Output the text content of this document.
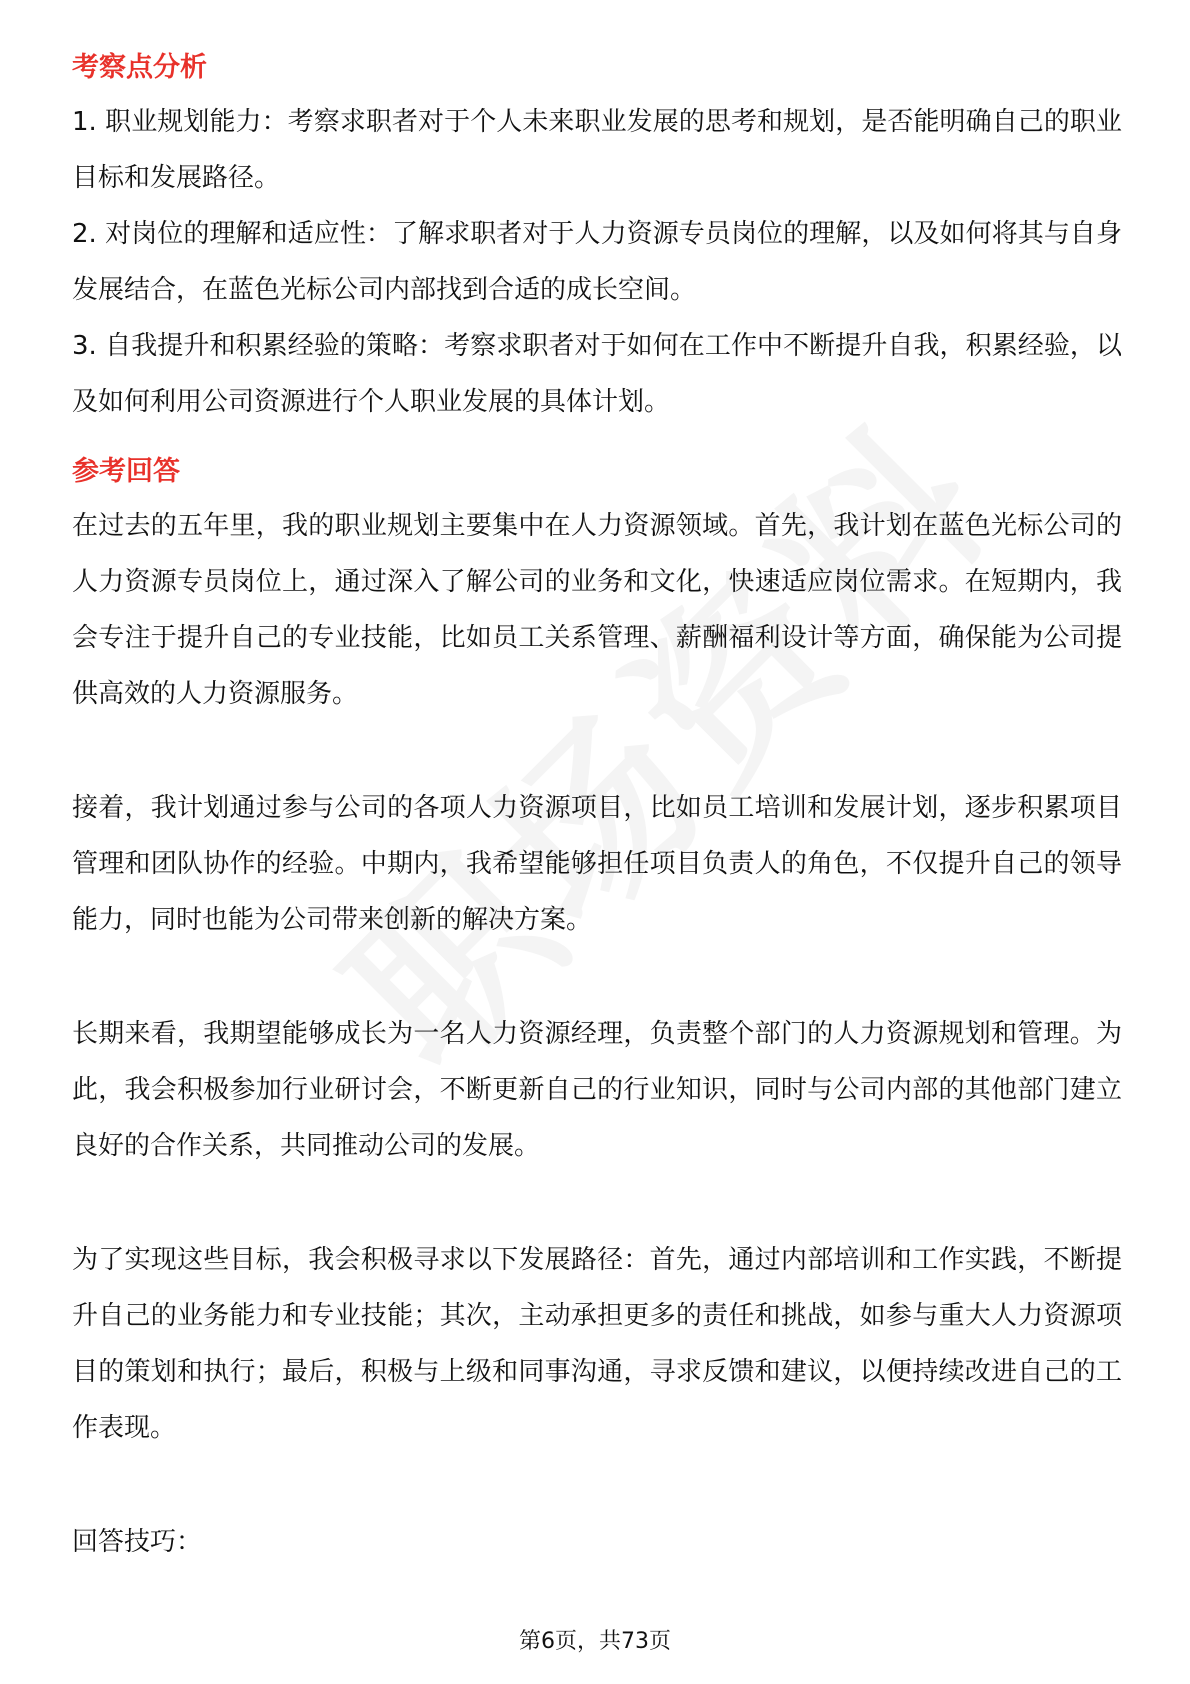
考察点分析

1. 职业规划能力：考察求职者对于个人未来职业发展的思考和规划，是否能明确自己的职业目标和发展路径。

2. 对岗位的理解和适应性：了解求职者对于人力资源专员岗位的理解，以及如何将其与自身发展结合，在蓝色光标公司内部找到合适的成长空间。

3. 自我提升和积累经验的策略：考察求职者对于如何在工作中不断提升自我，积累经验，以及如何利用公司资源进行个人职业发展的具体计划。

参考回答

在过去的五年里，我的职业规划主要集中在人力资源领域。首先，我计划在蓝色光标公司的人力资源专员岗位上，通过深入了解公司的业务和文化，快速适应岗位需求。在短期内，我会专注于提升自己的专业技能，比如员工关系管理、薪酬福利设计等方面，确保能为公司提供高效的人力资源服务。

接着，我计划通过参与公司的各项人力资源项目，比如员工培训和发展计划，逐步积累项目管理和团队协作的经验。中期内，我希望能够担任项目负责人的角色，不仅提升自己的领导能力，同时也能为公司带来创新的解决方案。

长期来看，我期望能够成长为一名人力资源经理，负责整个部门的人力资源规划和管理。为此，我会积极参加行业研讨会，不断更新自己的行业知识，同时与公司内部的其他部门建立良好的合作关系，共同推动公司的发展。

为了实现这些目标，我会积极寻求以下发展路径：首先，通过内部培训和工作实践，不断提升自己的业务能力和专业技能；其次，主动承担更多的责任和挑战，如参与重大人力资源项目的策划和执行；最后，积极与上级和同事沟通，寻求反馈和建议，以便持续改进自己的工作表现。

回答技巧：

第6页，共73页
